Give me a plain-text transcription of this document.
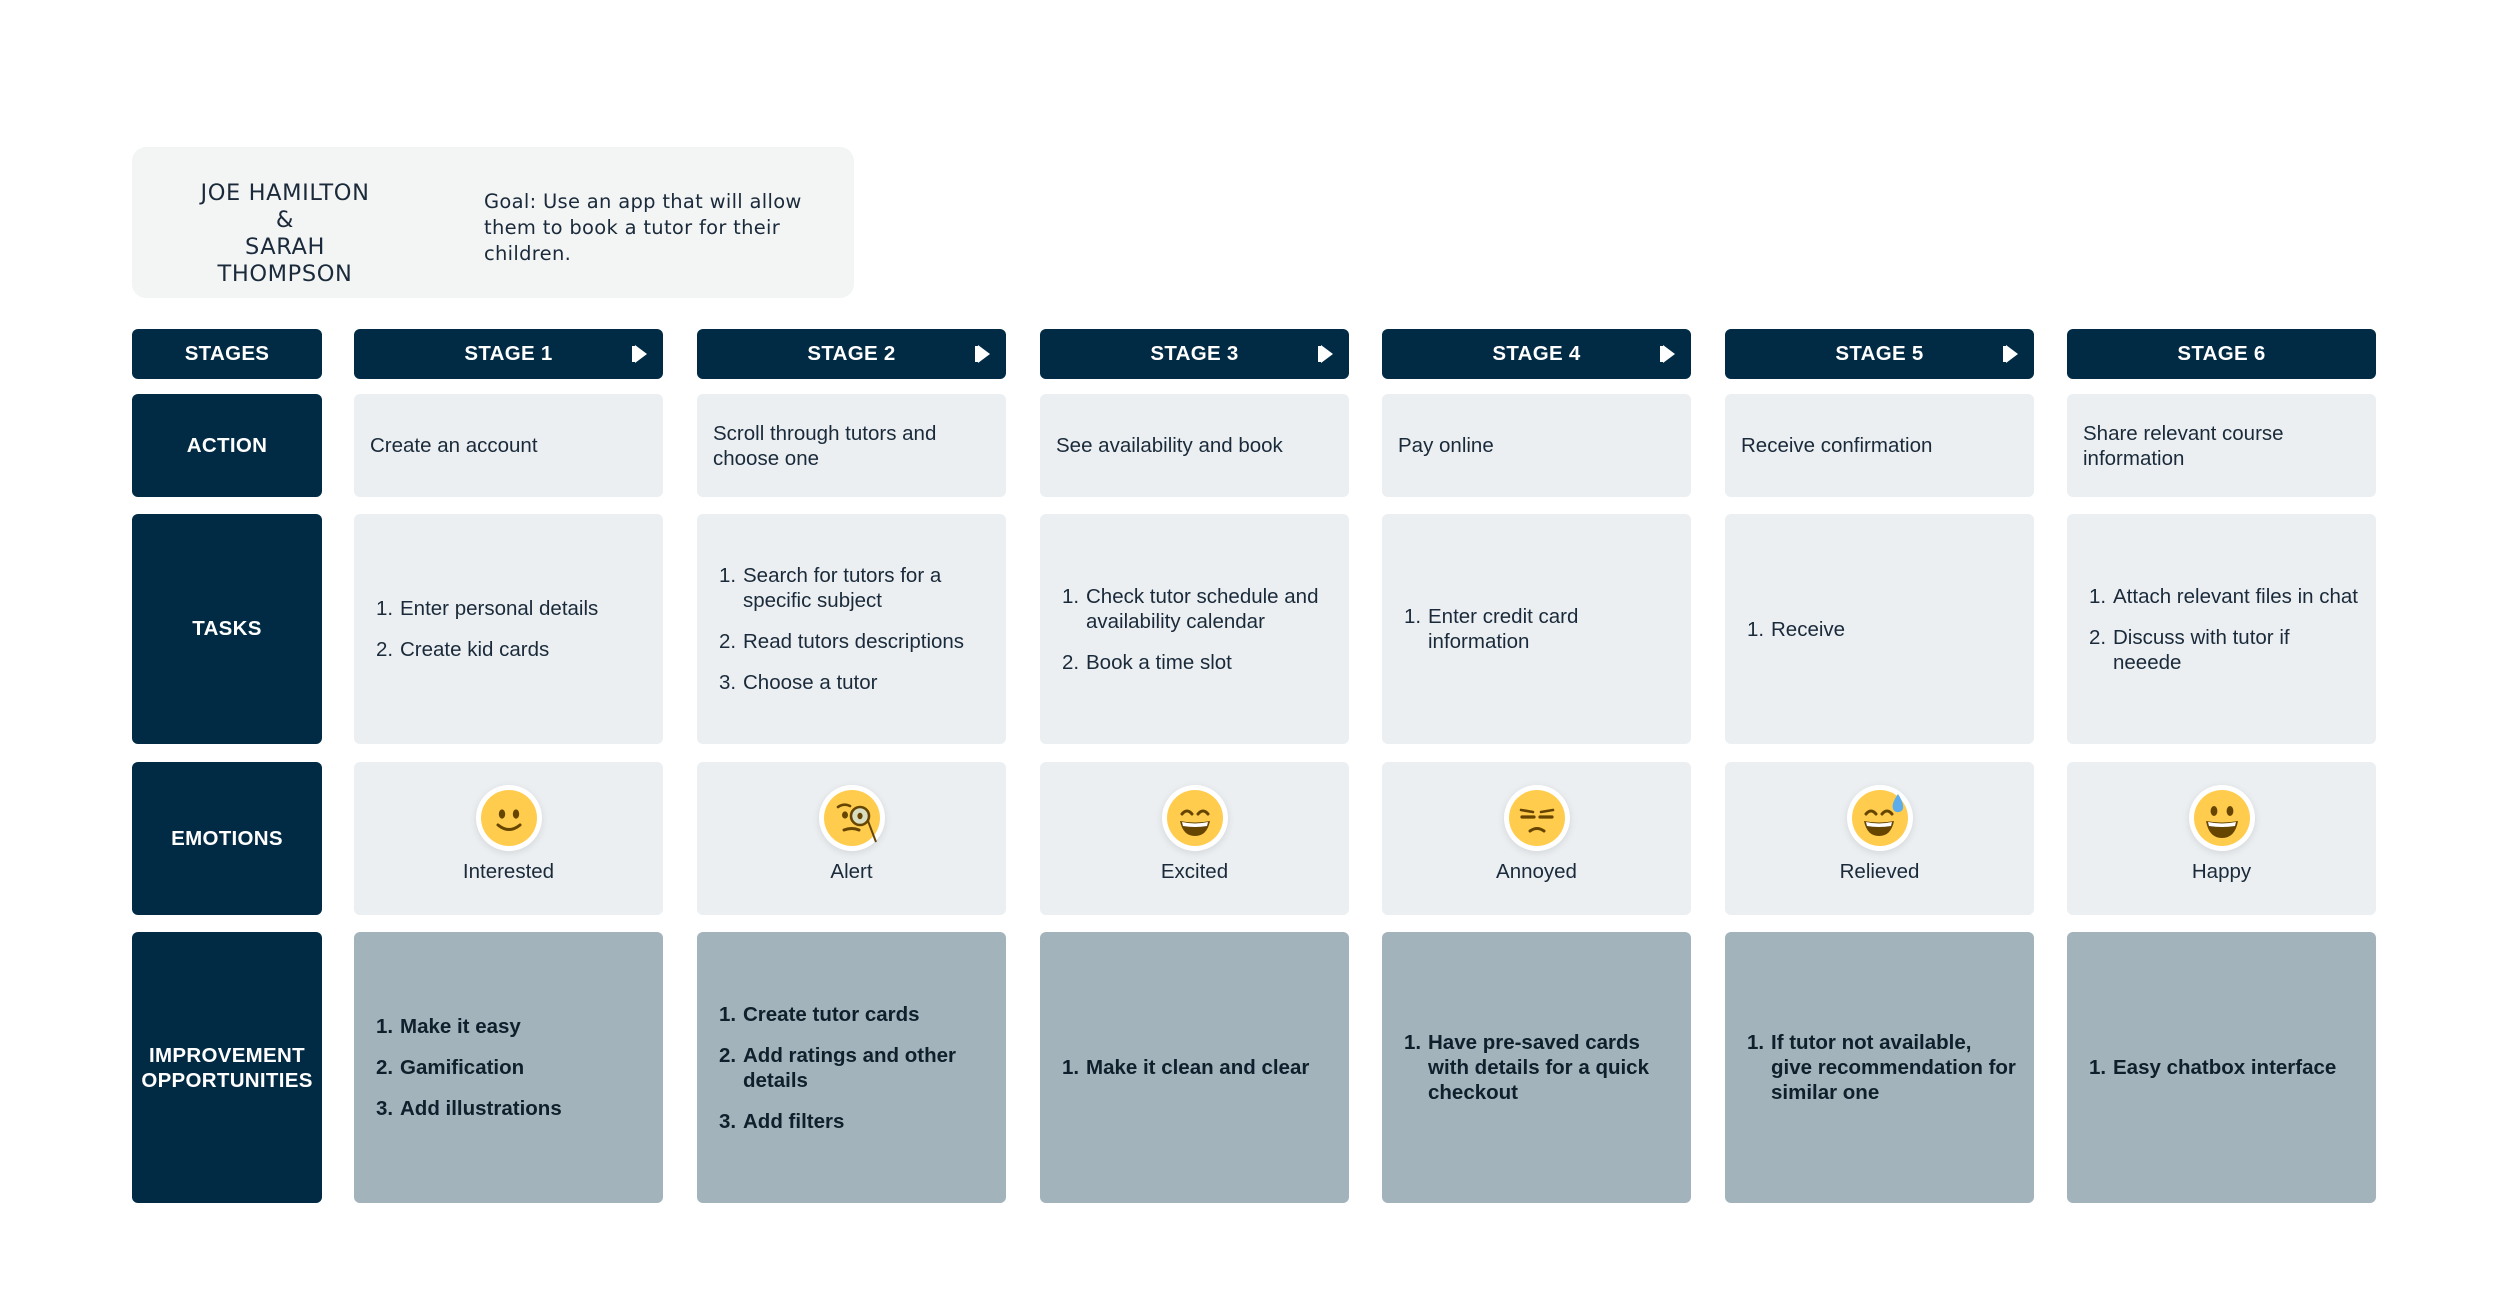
JOE HAMILTON
&
SARAH THOMPSON
Goal: Use an app that will allow them to book a tutor for their children.
STAGES
ACTION
TASKS
EMOTIONS
IMPROVEMENT
OPPORTUNITIES
STAGE 1
Create an account
1. Enter personal details
2. Create kid cards
Interested
1. Make it easy
2. Gamification
3. Add illustrations
STAGE 2
Scroll through tutors and choose one
1. Search for tutors for a specific subject
2. Read tutors descriptions
3. Choose a tutor
Alert
1. Create tutor cards
2. Add ratings and other details
3. Add filters
STAGE 3
See availability and book
1. Check tutor schedule and availability calendar
2. Book a time slot
Excited
1. Make it clean and clear
STAGE 4
Pay online
1. Enter credit card information
Annoyed
1. Have pre-saved cards with details for a quick checkout
STAGE 5
Receive confirmation
1. Receive
Relieved
1. If tutor not available, give recommendation for similar one
STAGE 6
Share relevant course information
1. Attach relevant files in chat
2. Discuss with tutor if neeede
Happy
1. Easy chatbox interface
